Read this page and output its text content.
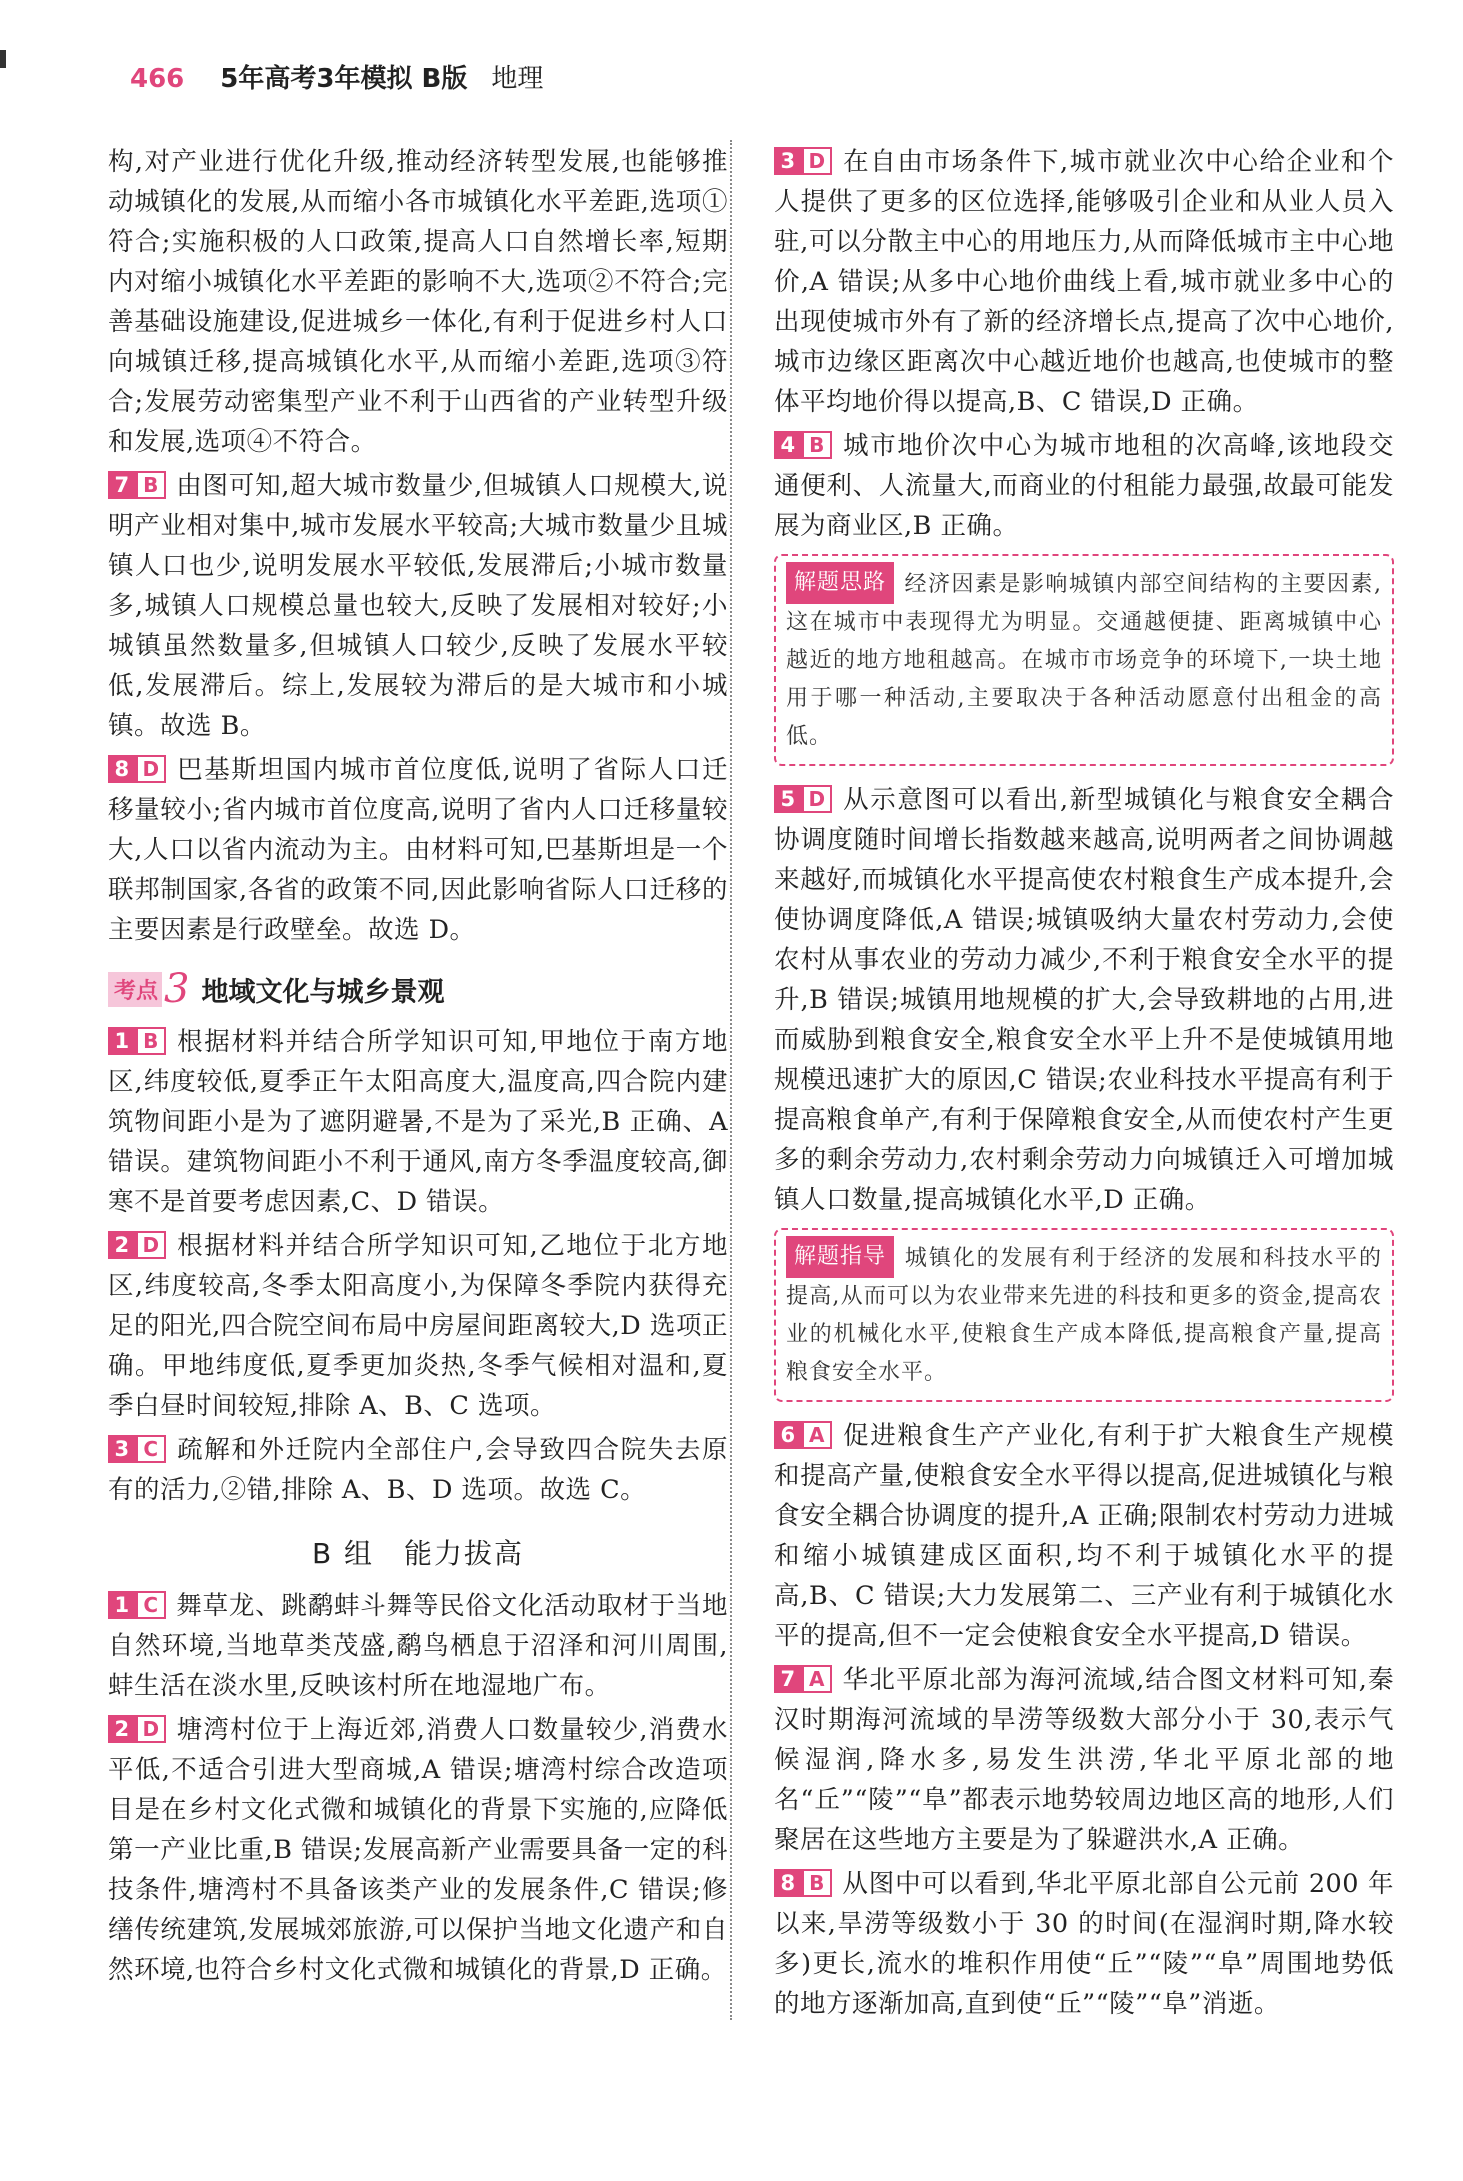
466 5年高考3年模拟 B版 地理

构,对产业进行优化升级,推动经济转型发展,也能够推动城镇化的发展,从而缩小各市城镇化水平差距,选项①符合;实施积极的人口政策,提高人口自然增长率,短期内对缩小城镇化水平差距的影响不大,选项②不符合;完善基础设施建设,促进城乡一体化,有利于促进乡村人口向城镇迁移,提高城镇化水平,从而缩小差距,选项③符合;发展劳动密集型产业不利于山西省的产业转型升级和发展,选项④不符合。

7 B 由图可知,超大城市数量少,但城镇人口规模大,说明产业相对集中,城市发展水平较高;大城市数量少且城镇人口也少,说明发展水平较低,发展滞后;小城市数量多,城镇人口规模总量也较大,反映了发展相对较好;小城镇虽然数量多,但城镇人口较少,反映了发展水平较低,发展滞后。综上,发展较为滞后的是大城市和小城镇。故选 B。

8 D 巴基斯坦国内城市首位度低,说明了省际人口迁移量较小;省内城市首位度高,说明了省内人口迁移量较大,人口以省内流动为主。由材料可知,巴基斯坦是一个联邦制国家,各省的政策不同,因此影响省际人口迁移的主要因素是行政壁垒。故选 D。

考点 3 地域文化与城乡景观

1 B 根据材料并结合所学知识可知,甲地位于南方地区,纬度较低,夏季正午太阳高度大,温度高,四合院内建筑物间距小是为了遮阴避暑,不是为了采光,B 正确、A 错误。建筑物间距小不利于通风,南方冬季温度较高,御寒不是首要考虑因素,C、D 错误。

2 D 根据材料并结合所学知识可知,乙地位于北方地区,纬度较高,冬季太阳高度小,为保障冬季院内获得充足的阳光,四合院空间布局中房屋间距离较大,D 选项正确。甲地纬度低,夏季更加炎热,冬季气候相对温和,夏季白昼时间较短,排除 A、B、C 选项。

3 C 疏解和外迁院内全部住户,会导致四合院失去原有的活力,②错,排除 A、B、D 选项。故选 C。

B 组　能力拔高

1 C 舞草龙、跳鹬蚌斗舞等民俗文化活动取材于当地自然环境,当地草类茂盛,鹬鸟栖息于沼泽和河川周围,蚌生活在淡水里,反映该村所在地湿地广布。

2 D 塘湾村位于上海近郊,消费人口数量较少,消费水平低,不适合引进大型商城,A 错误;塘湾村综合改造项目是在乡村文化式微和城镇化的背景下实施的,应降低第一产业比重,B 错误;发展高新产业需要具备一定的科技条件,塘湾村不具备该类产业的发展条件,C 错误;修缮传统建筑,发展城郊旅游,可以保护当地文化遗产和自然环境,也符合乡村文化式微和城镇化的背景,D 正确。

3 D 在自由市场条件下,城市就业次中心给企业和个人提供了更多的区位选择,能够吸引企业和从业人员入驻,可以分散主中心的用地压力,从而降低城市主中心地价,A 错误;从多中心地价曲线上看,城市就业多中心的出现使城市外有了新的经济增长点,提高了次中心地价,城市边缘区距离次中心越近地价也越高,也使城市的整体平均地价得以提高,B、C 错误,D 正确。

4 B 城市地价次中心为城市地租的次高峰,该地段交通便利、人流量大,而商业的付租能力最强,故最可能发展为商业区,B 正确。

解题思路 经济因素是影响城镇内部空间结构的主要因素,这在城市中表现得尤为明显。交通越便捷、距离城镇中心越近的地方地租越高。在城市市场竞争的环境下,一块土地用于哪一种活动,主要取决于各种活动愿意付出租金的高低。

5 D 从示意图可以看出,新型城镇化与粮食安全耦合协调度随时间增长指数越来越高,说明两者之间协调越来越好,而城镇化水平提高使农村粮食生产成本提升,会使协调度降低,A 错误;城镇吸纳大量农村劳动力,会使农村从事农业的劳动力减少,不利于粮食安全水平的提升,B 错误;城镇用地规模的扩大,会导致耕地的占用,进而威胁到粮食安全,粮食安全水平上升不是使城镇用地规模迅速扩大的原因,C 错误;农业科技水平提高有利于提高粮食单产,有利于保障粮食安全,从而使农村产生更多的剩余劳动力,农村剩余劳动力向城镇迁入可增加城镇人口数量,提高城镇化水平,D 正确。

解题指导 城镇化的发展有利于经济的发展和科技水平的提高,从而可以为农业带来先进的科技和更多的资金,提高农业的机械化水平,使粮食生产成本降低,提高粮食产量,提高粮食安全水平。

6 A 促进粮食生产产业化,有利于扩大粮食生产规模和提高产量,使粮食安全水平得以提高,促进城镇化与粮食安全耦合协调度的提升,A 正确;限制农村劳动力进城和缩小城镇建成区面积,均不利于城镇化水平的提高,B、C 错误;大力发展第二、三产业有利于城镇化水平的提高,但不一定会使粮食安全水平提高,D 错误。

7 A 华北平原北部为海河流域,结合图文材料可知,秦汉时期海河流域的旱涝等级数大部分小于 30,表示气候湿润,降水多,易发生洪涝,华北平原北部的地名“丘”“陵”“阜”都表示地势较周边地区高的地形,人们聚居在这些地方主要是为了躲避洪水,A 正确。

8 B 从图中可以看到,华北平原北部自公元前 200 年以来,旱涝等级数小于 30 的时间(在湿润时期,降水较多)更长,流水的堆积作用使“丘”“陵”“阜”周围地势低的地方逐渐加高,直到使“丘”“陵”“阜”消逝。
